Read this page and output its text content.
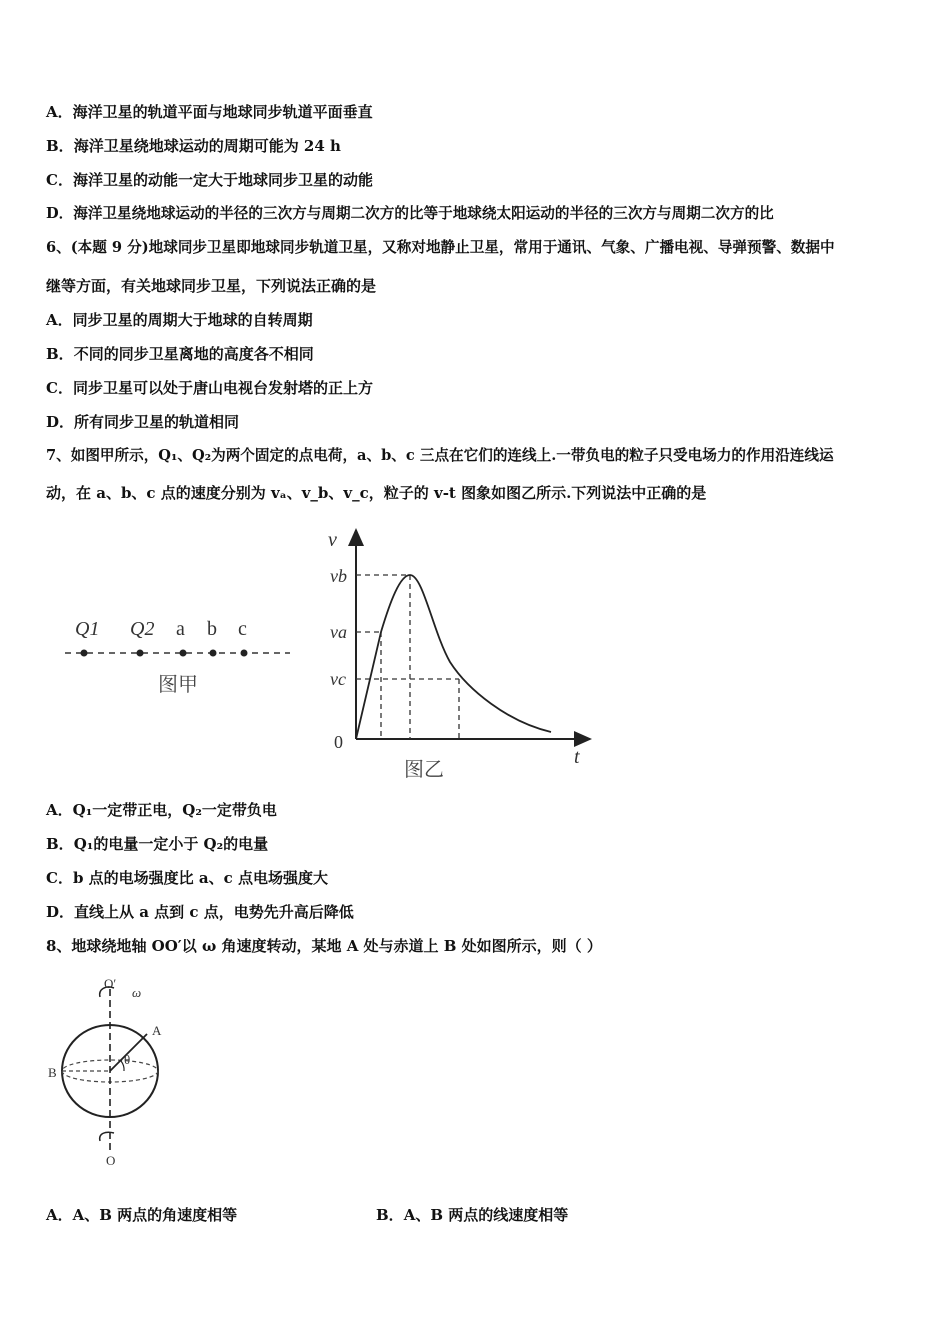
A．海洋卫星的轨道平面与地球同步轨道平面垂直
B．海洋卫星绕地球运动的周期可能为 24 h
C．海洋卫星的动能一定大于地球同步卫星的动能
D．海洋卫星绕地球运动的半径的三次方与周期二次方的比等于地球绕太阳运动的半径的三次方与周期二次方的比
6、(本题 9 分)地球同步卫星即地球同步轨道卫星，又称对地静止卫星，常用于通讯、气象、广播电视、导弹预警、数据中
继等方面，有关地球同步卫星，下列说法正确的是
A．同步卫星的周期大于地球的自转周期
B．不同的同步卫星离地的高度各不相同
C．同步卫星可以处于唐山电视台发射塔的正上方
D．所有同步卫星的轨道相同
7、如图甲所示，Q₁、Q₂为两个固定的点电荷，a、b、c 三点在它们的连线上.一带负电的粒子只受电场力的作用沿连线运
动，在 a、b、c 点的速度分别为 vₐ、v_b、v_c，粒子的 v-t 图象如图乙所示.下列说法中正确的是
Q1 Q2 a b c
图甲
v
t
0
vb
va
vc
图乙
A．Q₁一定带正电，Q₂一定带负电
B．Q₁的电量一定小于 Q₂的电量
C．b 点的电场强度比 a、c 点电场强度大
D．直线上从 a 点到 c 点，电势先升高后降低
8、地球绕地轴 OO′以 ω 角速度转动，某地 A 处与赤道上 B 处如图所示，则（ ）
O′
ω
A
B
θ
O
A．A、B 两点的角速度相等	B．A、B 两点的线速度相等
